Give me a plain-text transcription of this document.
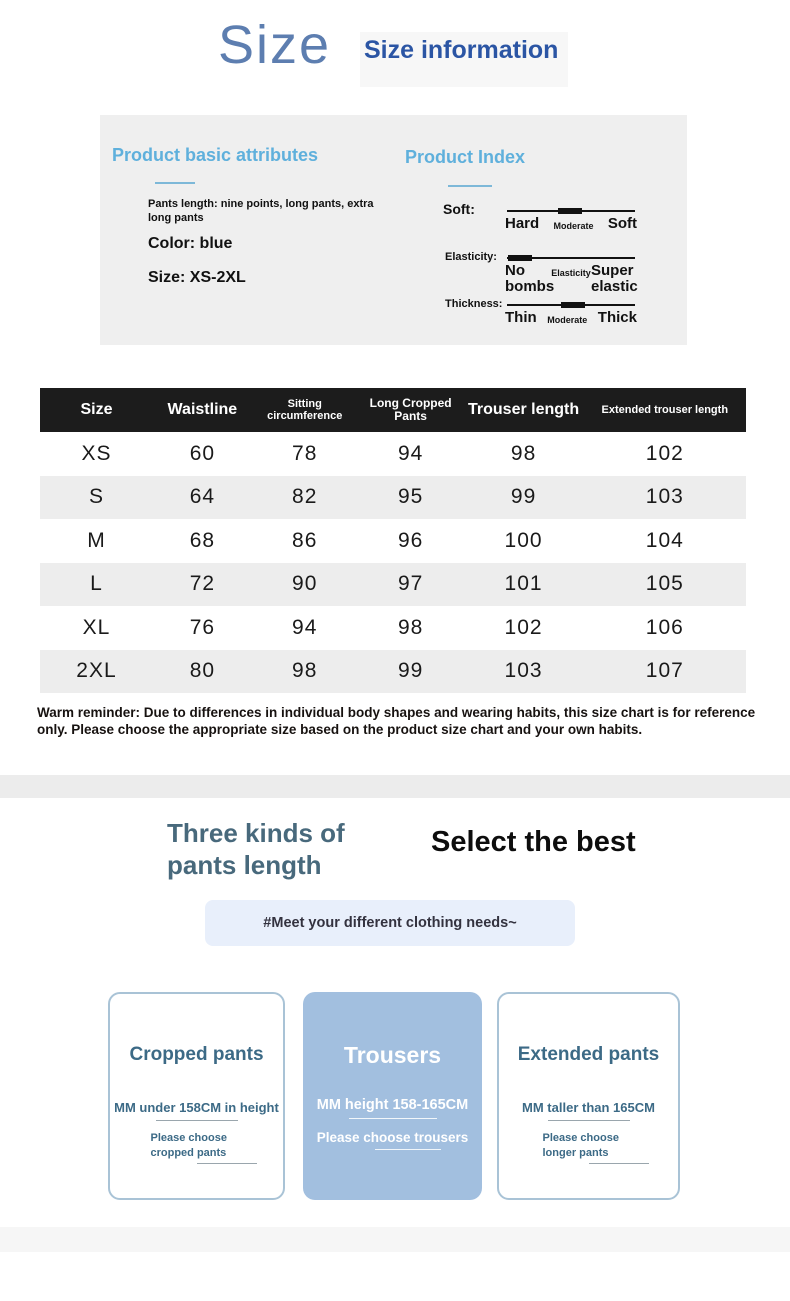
Size Size information
Product basic attributes
Pants length: nine points, long pants, extra long pants
Color: blue
Size: XS-2XL
Product Index
Soft:
Hard Moderate Soft
Elasticity:
No bombs
Elasticity Super elastic
Thickness:
Thin Moderate Thick
Size	Waistline	Sitting circumference	Long Cropped Pants	Trouser length	Extended trouser length
XS	60	78	94	98	102
S	64	82	95	99	103
M	68	86	96	100	104
L	72	90	97	101	105
XL	76	94	98	102	106
2XL	80	98	99	103	107

Warm reminder: Due to differences in individual body shapes and wearing habits, this size chart is for reference only. Please choose the appropriate size based on the product size chart and your own habits.

Three kinds of pants length
Select the best
#Meet your different clothing needs~
Cropped pants
MM under 158CM in height
Please choose cropped pants
Trousers
MM height 158-165CM
Please choose trousers
Extended pants
MM taller than 165CM
Please choose longer pants
